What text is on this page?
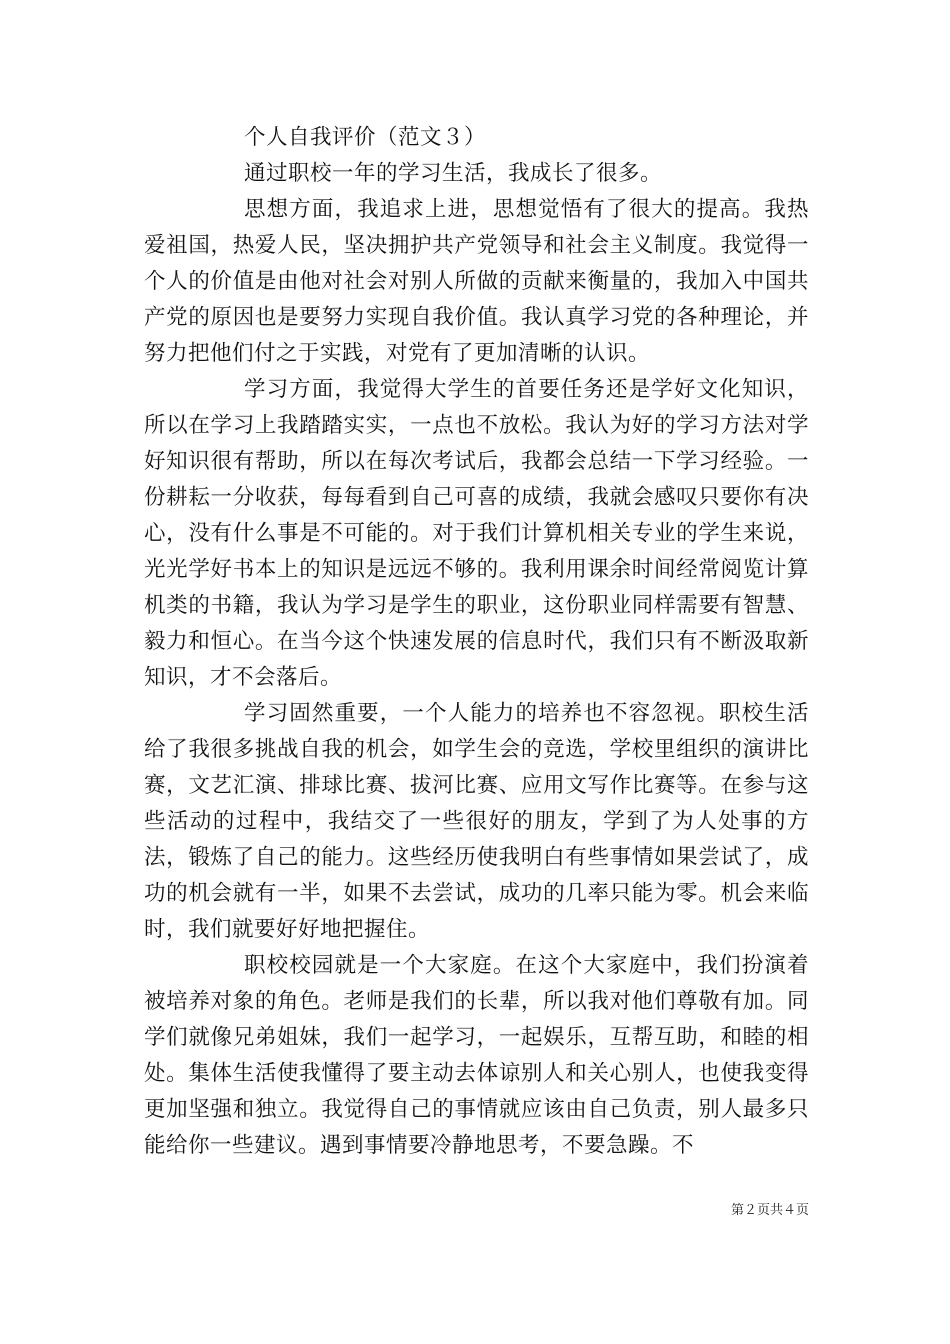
个人自我评价（范文３）

通过职校一年的学习生活，我成长了很多。

思想方面，我追求上进，思想觉悟有了很大的提高。我热爱祖国，热爱人民，坚决拥护共产党领导和社会主义制度。我觉得一个人的价值是由他对社会对别人所做的贡献来衡量的，我加入中国共产党的原因也是要努力实现自我价值。我认真学习党的各种理论，并努力把他们付之于实践，对党有了更加清晰的认识。

学习方面，我觉得大学生的首要任务还是学好文化知识，所以在学习上我踏踏实实，一点也不放松。我认为好的学习方法对学好知识很有帮助，所以在每次考试后，我都会总结一下学习经验。一份耕耘一分收获，每每看到自己可喜的成绩，我就会感叹只要你有决心，没有什么事是不可能的。对于我们计算机相关专业的学生来说，光光学好书本上的知识是远远不够的。我利用课余时间经常阅览计算机类的书籍，我认为学习是学生的职业，这份职业同样需要有智慧、毅力和恒心。在当今这个快速发展的信息时代，我们只有不断汲取新知识，才不会落后。

学习固然重要，一个人能力的培养也不容忽视。职校生活给了我很多挑战自我的机会，如学生会的竞选，学校里组织的演讲比赛，文艺汇演、排球比赛、拔河比赛、应用文写作比赛等。在参与这些活动的过程中，我结交了一些很好的朋友，学到了为人处事的方法，锻炼了自己的能力。这些经历使我明白有些事情如果尝试了，成功的机会就有一半，如果不去尝试，成功的几率只能为零。机会来临时，我们就要好好地把握住。

职校校园就是一个大家庭。在这个大家庭中，我们扮演着被培养对象的角色。老师是我们的长辈，所以我对他们尊敬有加。同学们就像兄弟姐妹，我们一起学习，一起娱乐，互帮互助，和睦的相处。集体生活使我懂得了要主动去体谅别人和关心别人，也使我变得更加坚强和独立。我觉得自己的事情就应该由自己负责，别人最多只能给你一些建议。遇到事情要冷静地思考，不要急躁。不

第２页共４页
